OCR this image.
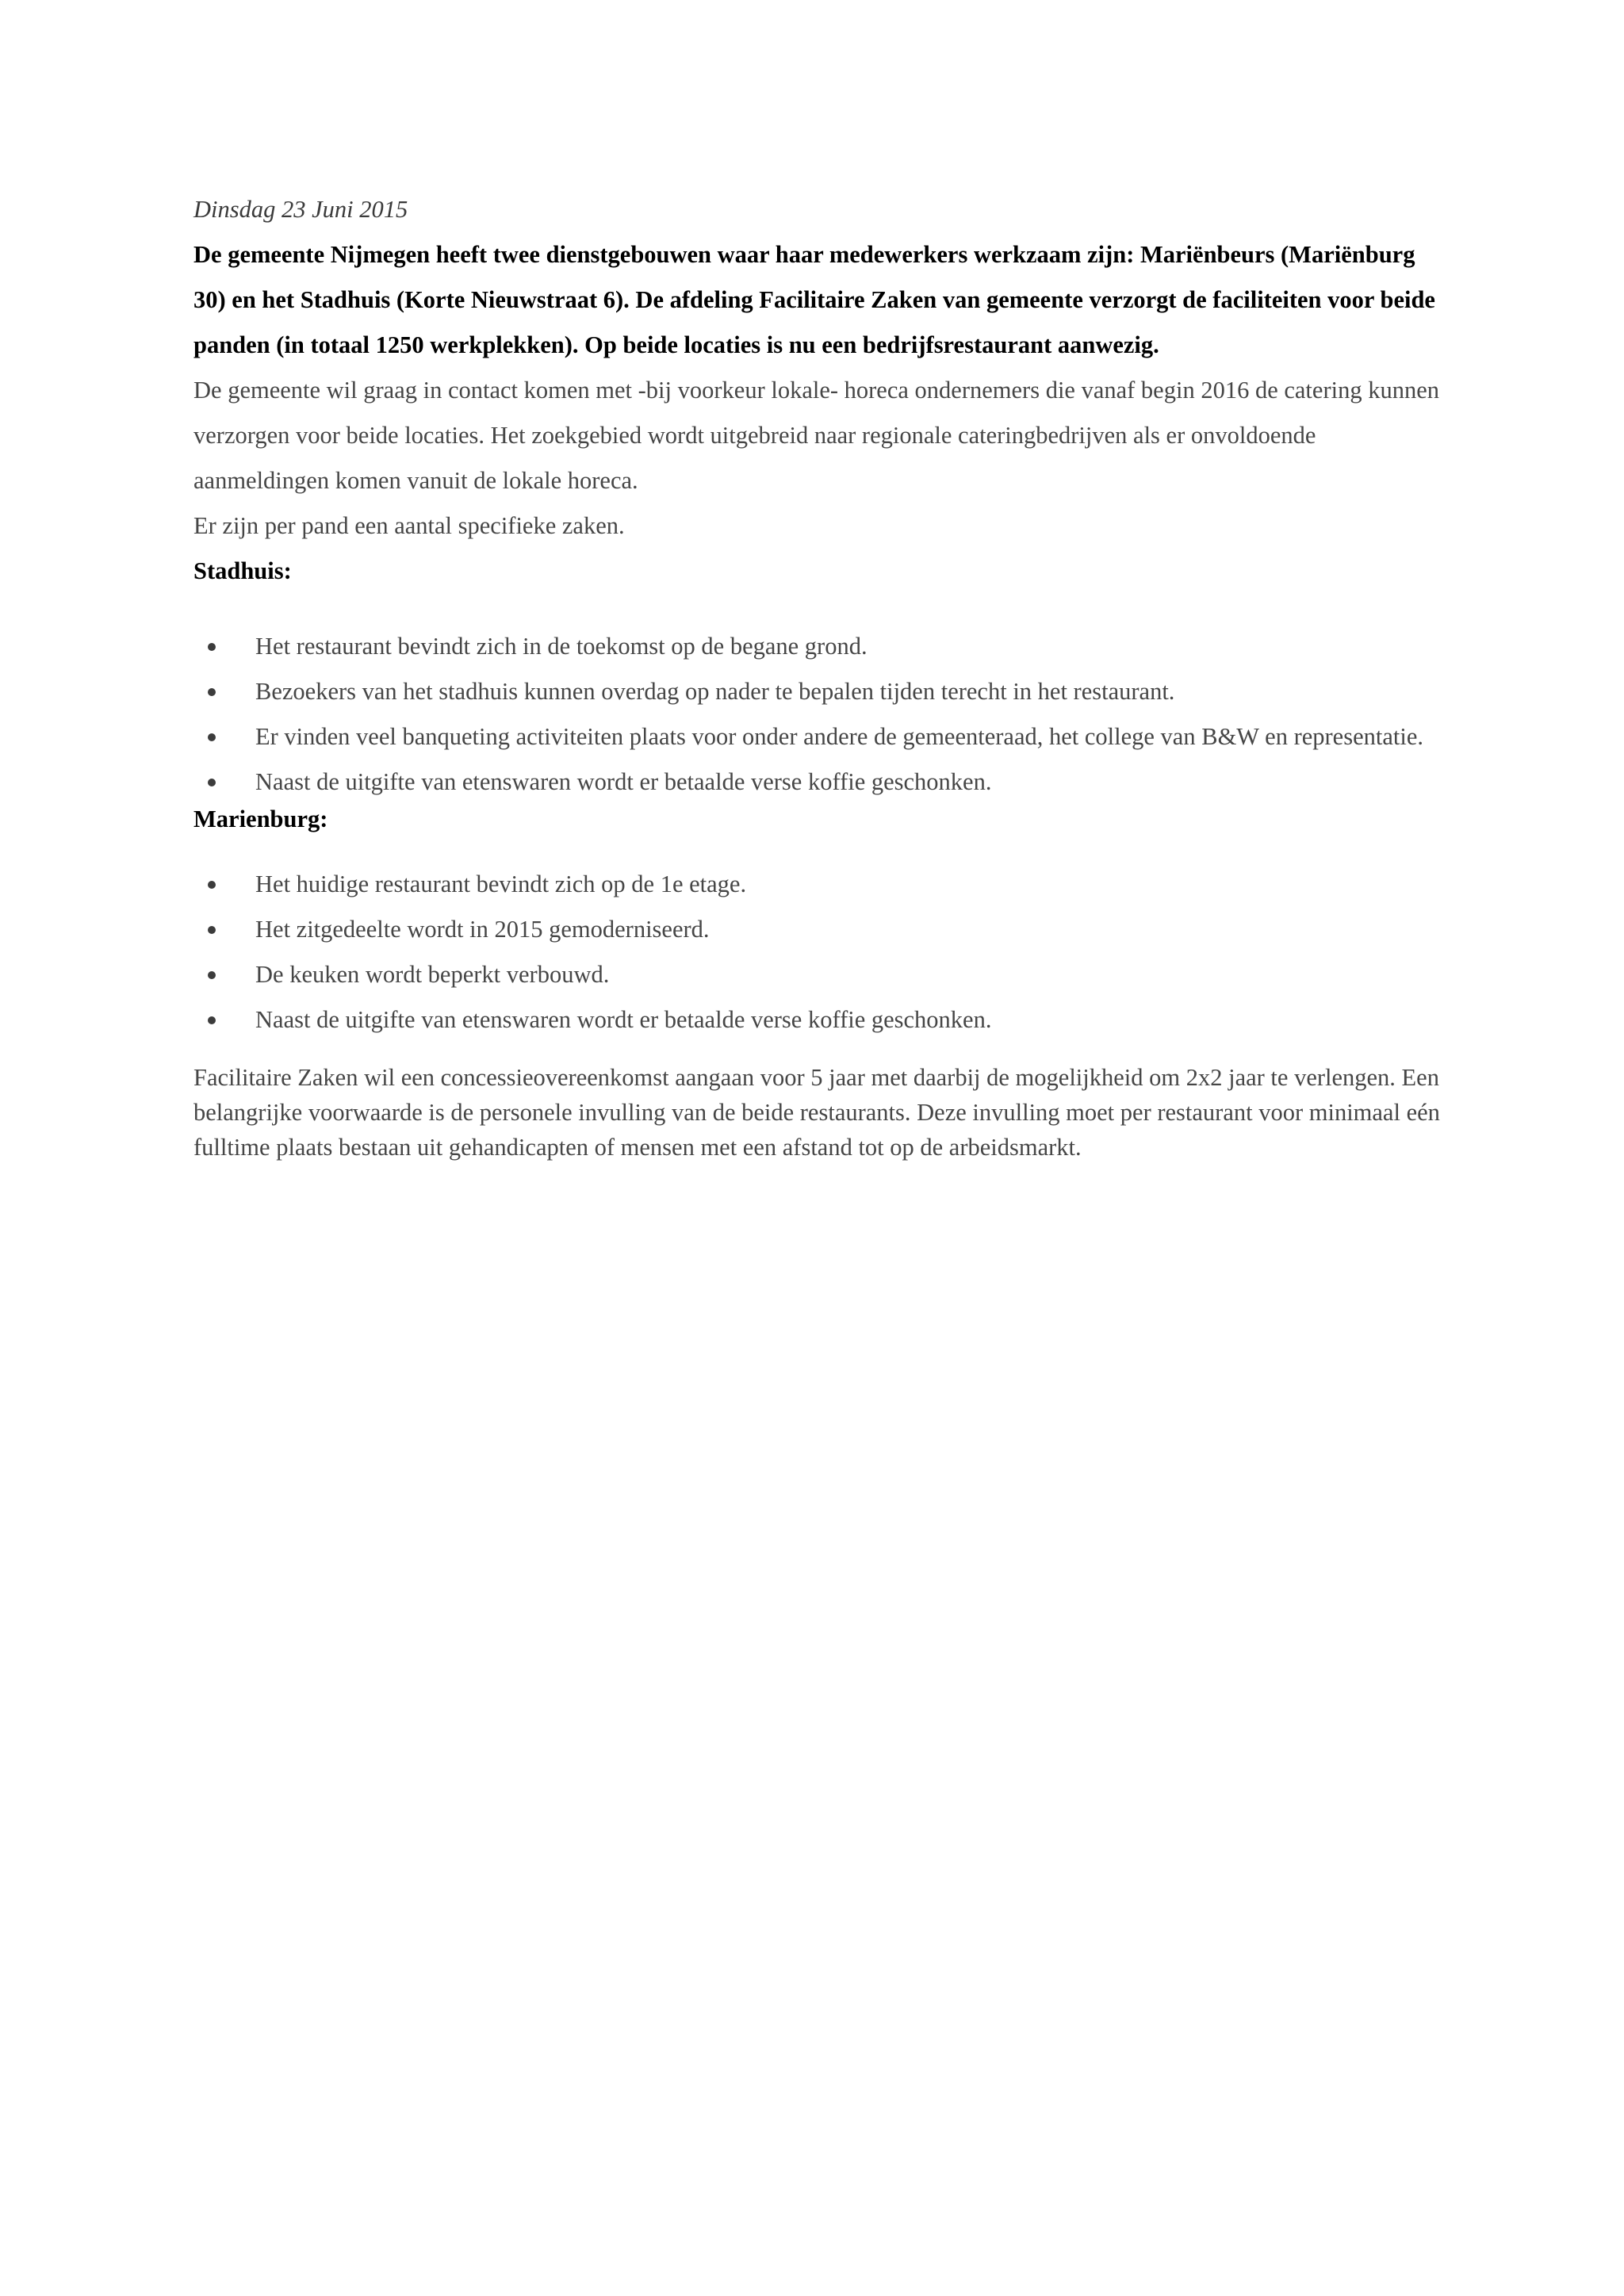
Dinsdag 23 Juni 2015

De gemeente Nijmegen heeft twee dienstgebouwen waar haar medewerkers werkzaam zijn: Mariënbeurs (Mariënburg 30) en het Stadhuis (Korte Nieuwstraat 6). De afdeling Facilitaire Zaken van gemeente verzorgt de faciliteiten voor beide panden (in totaal 1250 werkplekken). Op beide locaties is nu een bedrijfsrestaurant aanwezig.

De gemeente wil graag in contact komen met -bij voorkeur lokale- horeca ondernemers die vanaf begin 2016 de catering kunnen verzorgen voor beide locaties. Het zoekgebied wordt uitgebreid naar regionale cateringbedrijven als er onvoldoende aanmeldingen komen vanuit de lokale horeca.

Er zijn per pand een aantal specifieke zaken.

Stadhuis:

Het restaurant bevindt zich in de toekomst op de begane grond.
Bezoekers van het stadhuis kunnen overdag op nader te bepalen tijden terecht in het restaurant.
Er vinden veel banqueting activiteiten plaats voor onder andere de gemeenteraad, het college van B&W en representatie.
Naast de uitgifte van etenswaren wordt er betaalde verse koffie geschonken.

Marienburg:

Het huidige restaurant bevindt zich op de 1e etage.
Het zitgedeelte wordt in 2015 gemoderniseerd.
De keuken wordt beperkt verbouwd.
Naast de uitgifte van etenswaren wordt er betaalde verse koffie geschonken.

Facilitaire Zaken wil een concessieovereenkomst aangaan voor 5 jaar met daarbij de mogelijkheid om 2x2 jaar te verlengen. Een belangrijke voorwaarde is de personele invulling van de beide restaurants. Deze invulling moet per restaurant voor minimaal eén fulltime plaats bestaan uit gehandicapten of mensen met een afstand tot op de arbeidsmarkt.
